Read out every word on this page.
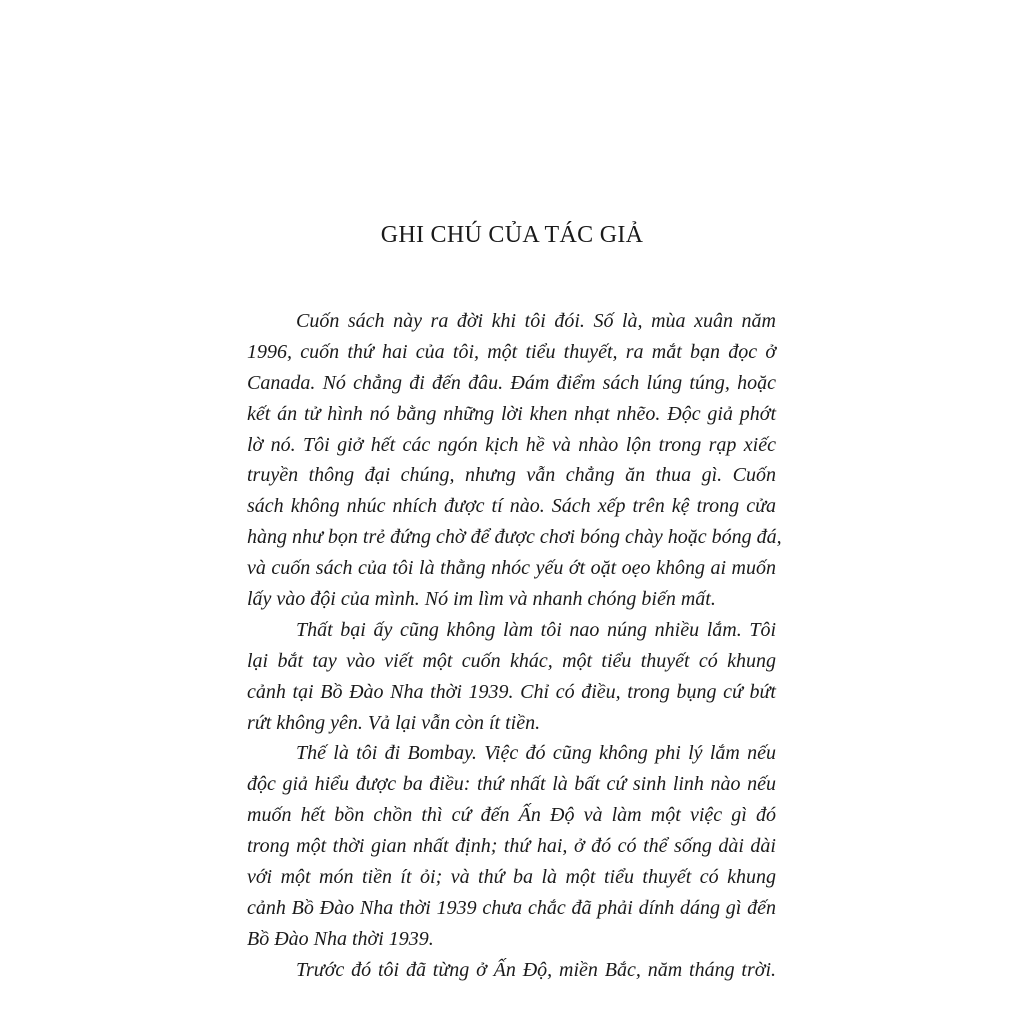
GHI CHÚ CỦA TÁC GIẢ
Cuốn sách này ra đời khi tôi đói. Số là, mùa xuân năm
1996, cuốn thứ hai của tôi, một tiểu thuyết, ra mắt bạn đọc ở
Canada. Nó chẳng đi đến đâu. Đám điểm sách lúng túng, hoặc
kết án tử hình nó bằng những lời khen nhạt nhẽo. Độc giả phớt
lờ nó. Tôi giở hết các ngón kịch hề và nhào lộn trong rạp xiếc
truyền thông đại chúng, nhưng vẫn chẳng ăn thua gì. Cuốn
sách không nhúc nhích được tí nào. Sách xếp trên kệ trong cửa
hàng như bọn trẻ đứng chờ để được chơi bóng chày hoặc bóng đá,
và cuốn sách của tôi là thằng nhóc yếu ớt oặt oẹo không ai muốn
lấy vào đội của mình. Nó im lìm và nhanh chóng biến mất.
Thất bại ấy cũng không làm tôi nao núng nhiều lắm. Tôi
lại bắt tay vào viết một cuốn khác, một tiểu thuyết có khung
cảnh tại Bồ Đào Nha thời 1939. Chỉ có điều, trong bụng cứ bứt
rứt không yên. Vả lại vẫn còn ít tiền.
Thế là tôi đi Bombay. Việc đó cũng không phi lý lắm nếu
độc giả hiểu được ba điều: thứ nhất là bất cứ sinh linh nào nếu
muốn hết bồn chồn thì cứ đến Ấn Độ và làm một việc gì đó
trong một thời gian nhất định; thứ hai, ở đó có thể sống dài dài
với một món tiền ít ỏi; và thứ ba là một tiểu thuyết có khung
cảnh Bồ Đào Nha thời 1939 chưa chắc đã phải dính dáng gì đến
Bồ Đào Nha thời 1939.
Trước đó tôi đã từng ở Ấn Độ, miền Bắc, năm tháng trời.
